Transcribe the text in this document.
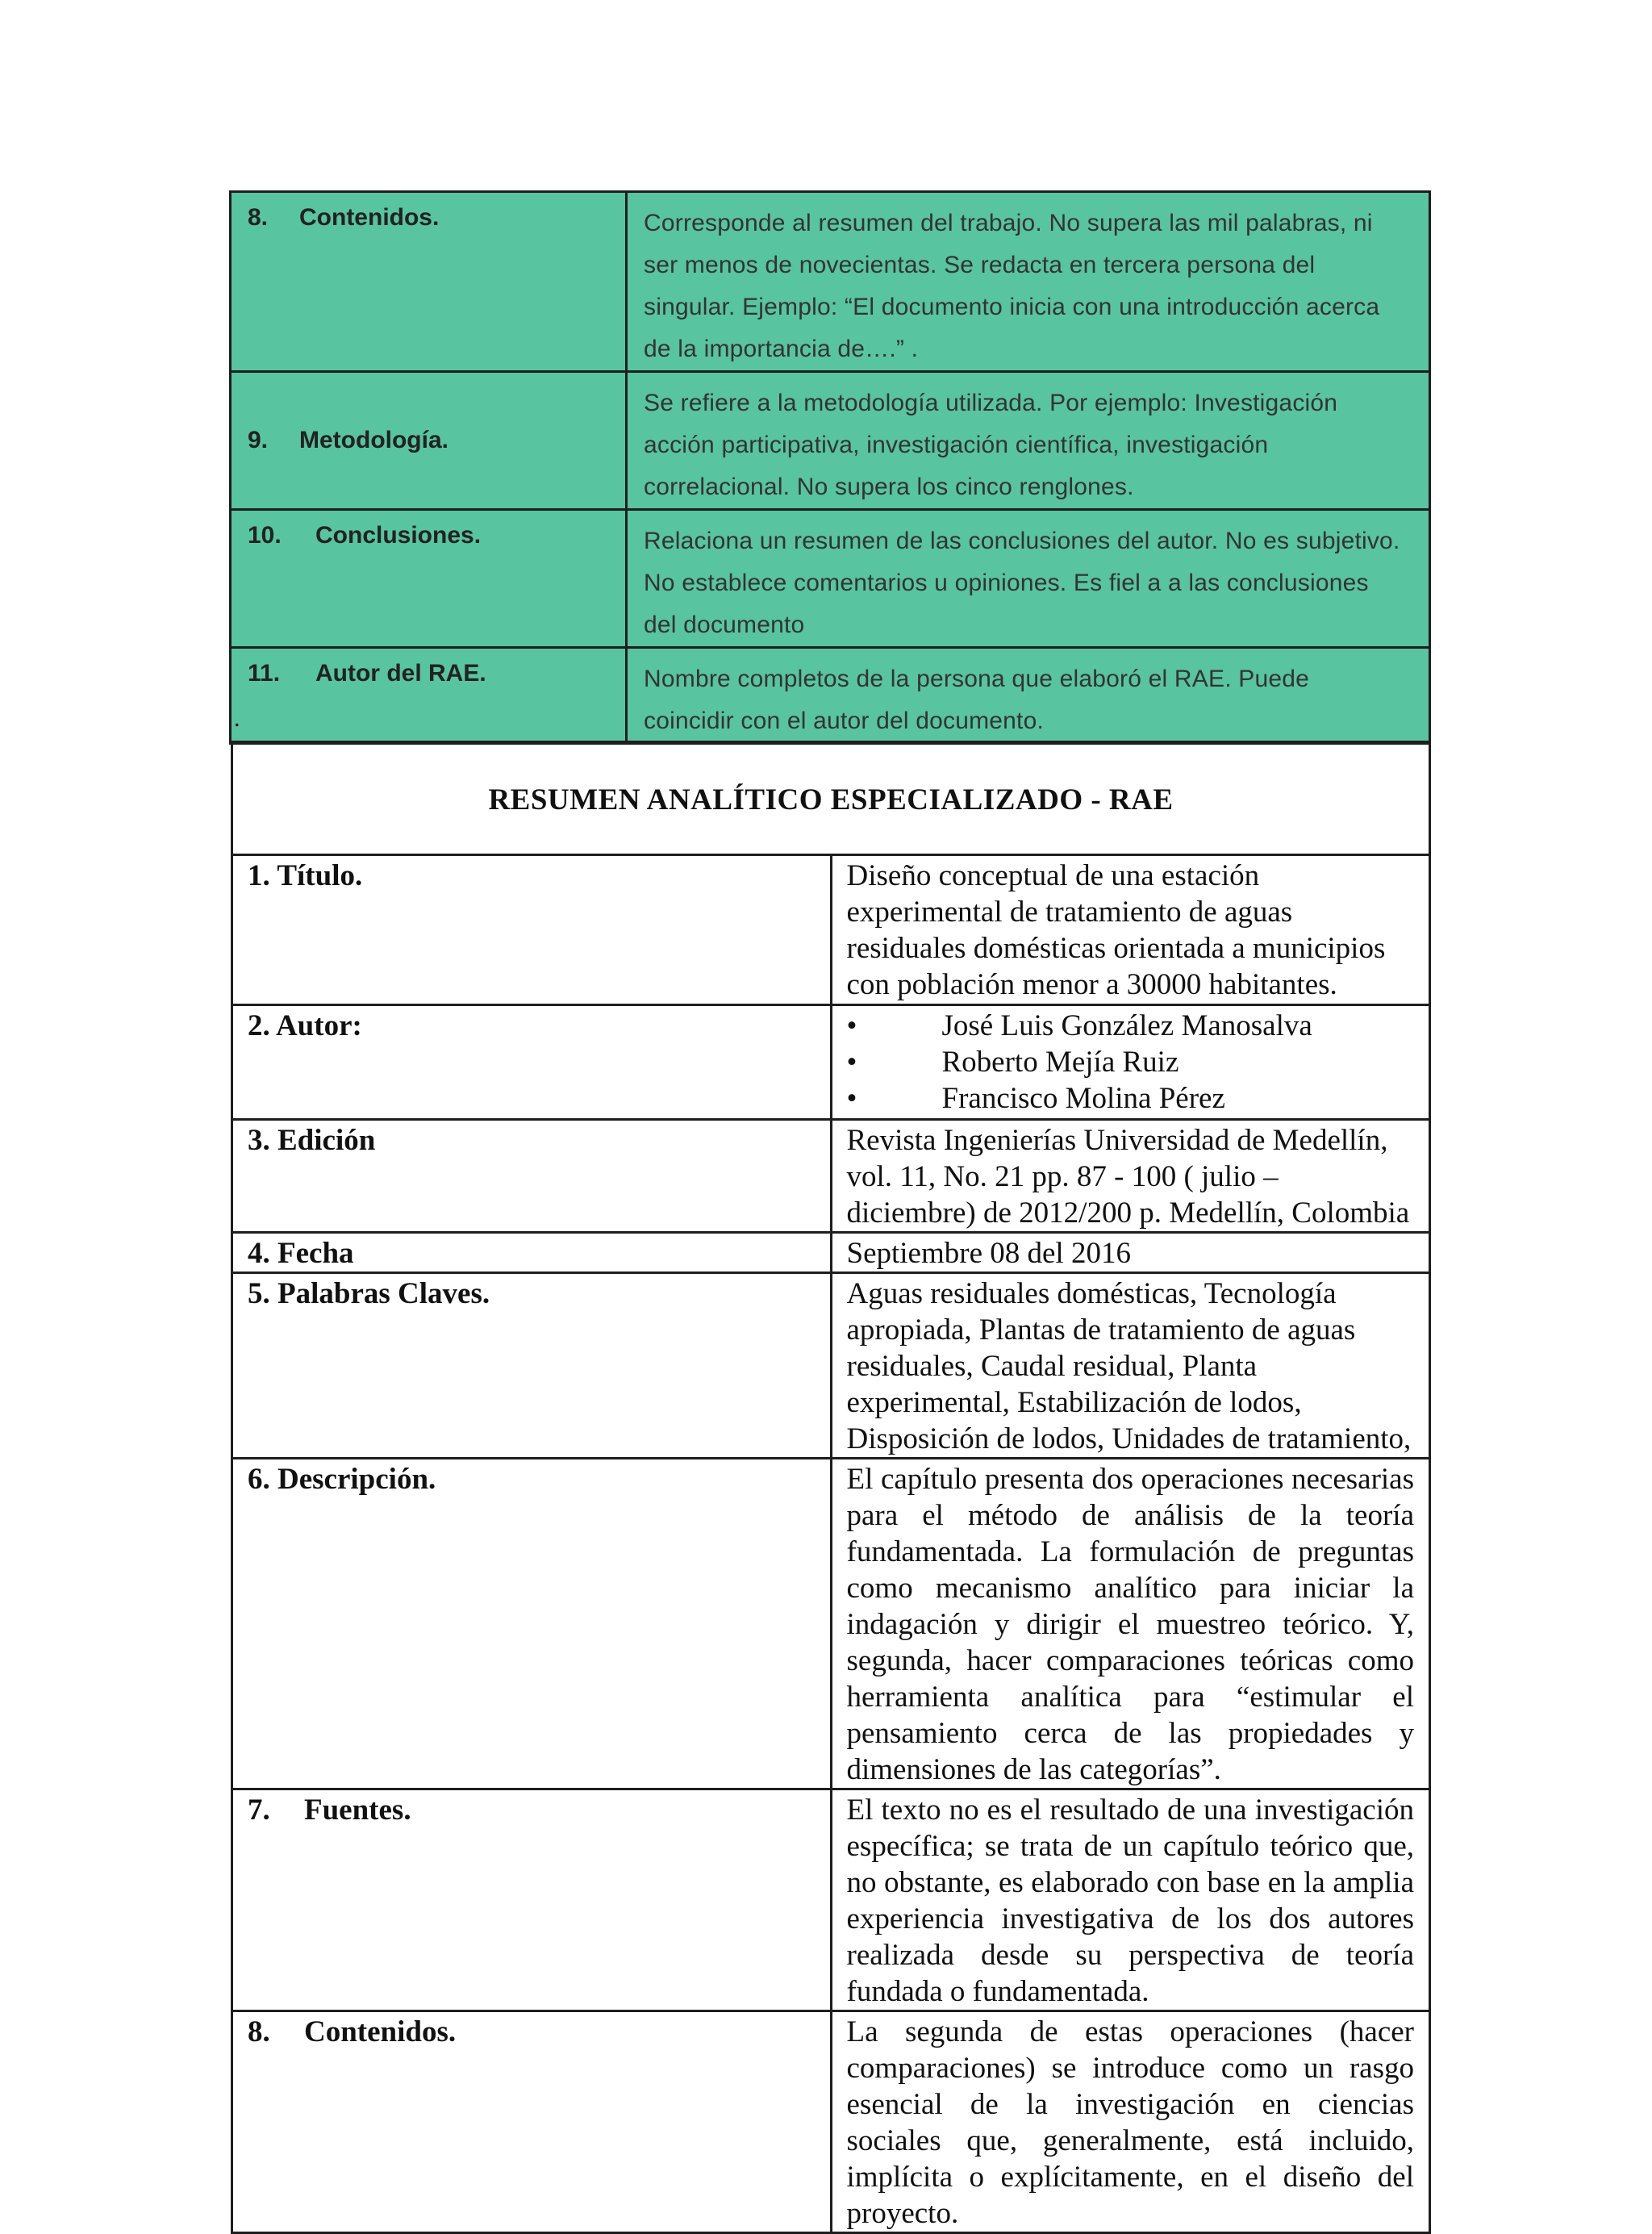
8. Contenidos.	Corresponde al resumen del trabajo. No supera las mil palabras, ni ser menos de novecientas. Se redacta en tercera persona del singular. Ejemplo: “El documento inicia con una introducción acerca de la importancia de….” .
9. Metodología.	Se refiere a la metodología utilizada. Por ejemplo: Investigación acción participativa, investigación científica, investigación correlacional. No supera los cinco renglones.
10. Conclusiones.	Relaciona un resumen de las conclusiones del autor. No es subjetivo. No establece comentarios u opiniones. Es fiel a a las conclusiones del documento
11. Autor del RAE.	Nombre completos de la persona que elaboró el RAE. Puede coincidir con el autor del documento.
.
RESUMEN ANALÍTICO ESPECIALIZADO - RAE	
1. Título.	Diseño conceptual de una estación experimental de tratamiento de aguas residuales domésticas orientada a municipios con población menor a 30000 habitantes.
2. Autor:	• José Luis González Manosalva
• Roberto Mejía Ruiz
• Francisco Molina Pérez

3. Edición	Revista Ingenierías Universidad de Medellín, vol. 11, No. 21 pp. 87 - 100 ( julio – diciembre) de 2012/200 p. Medellín, Colombia
4. Fecha	Septiembre 08 del 2016
5. Palabras Claves.	Aguas residuales domésticas, Tecnología apropiada, Plantas de tratamiento de aguas residuales, Caudal residual, Planta experimental, Estabilización de lodos, Disposición de lodos, Unidades de tratamiento,
6. Descripción.	El capítulo presenta dos operaciones necesarias para el método de análisis de la teoría fundamentada. La formulación de preguntas como mecanismo analítico para iniciar la indagación y dirigir el muestreo teórico. Y, segunda, hacer comparaciones teóricas como herramienta analítica para “estimular el pensamiento cerca de las propiedades y dimensiones de las categorías”.
7. Fuentes.	El texto no es el resultado de una investigación específica; se trata de un capítulo teórico que, no obstante, es elaborado con base en la amplia experiencia investigativa de los dos autores realizada desde su perspectiva de teoría fundada o fundamentada.
8. Contenidos.	La segunda de estas operaciones (hacer comparaciones) se introduce como un rasgo esencial de la investigación en ciencias sociales que, generalmente, está incluido, implícita o explícitamente, en el diseño del proyecto.
